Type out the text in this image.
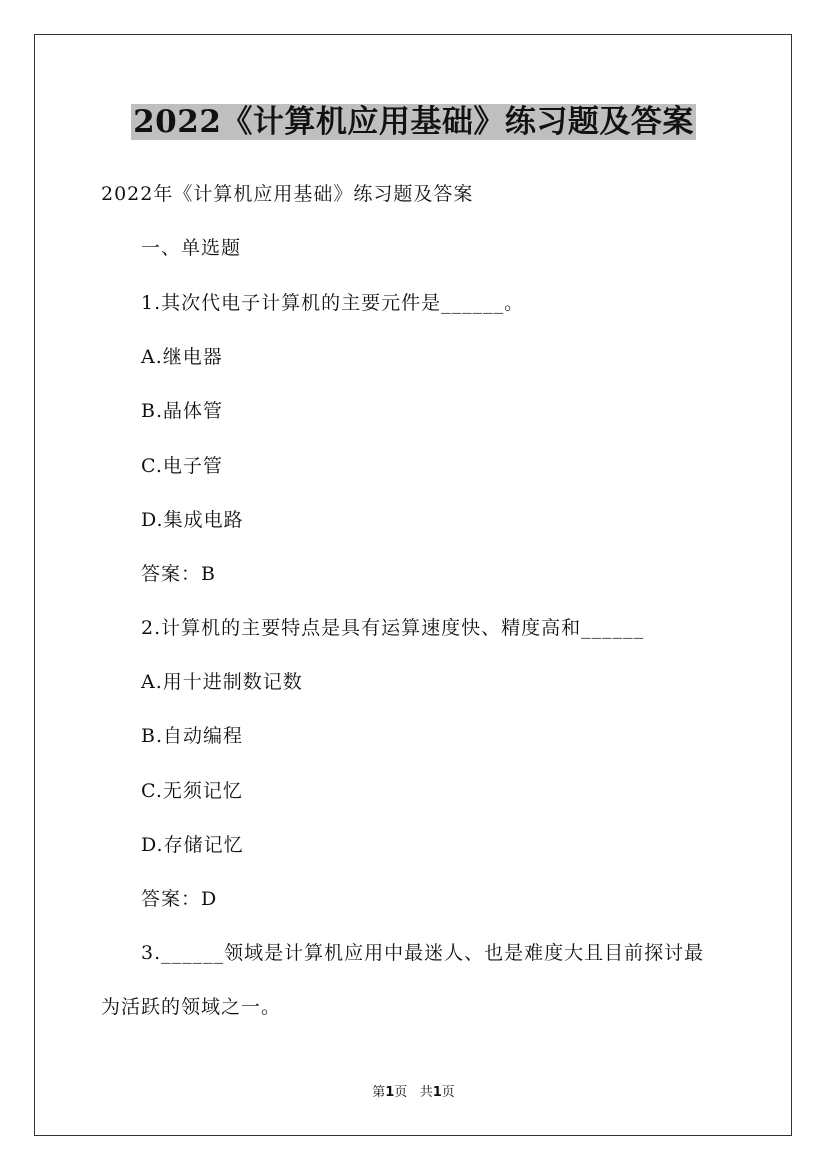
2022《计算机应用基础》练习题及答案

2022年《计算机应用基础》练习题及答案

一、单选题

1.其次代电子计算机的主要元件是______。

A.继电器

B.晶体管

C.电子管

D.集成电路

答案：B

2.计算机的主要特点是具有运算速度快、精度高和______

A.用十进制数记数

B.自动编程

C.无须记忆

D.存储记忆

答案：D

3.______领域是计算机应用中最迷人、也是难度大且目前探讨最

为活跃的领域之一。

第1页 共1页
